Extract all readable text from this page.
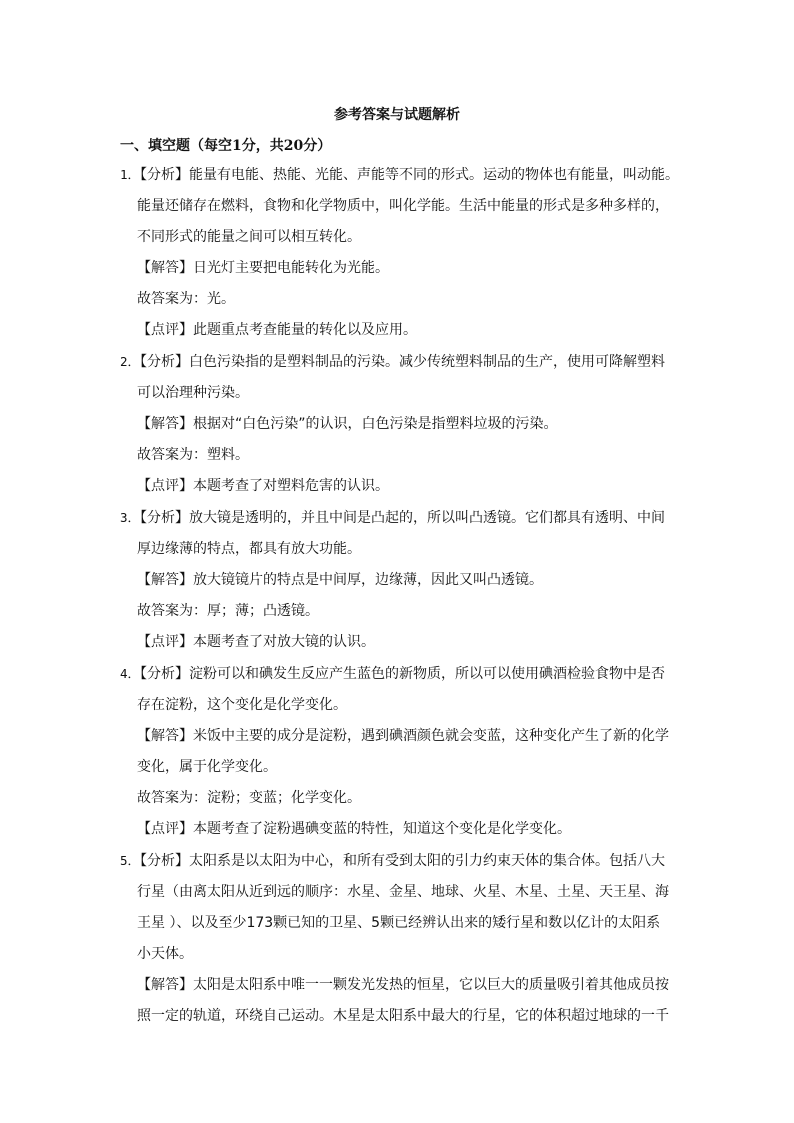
参考答案与试题解析
一、填空题（每空1分，共20分）
1．【分析】能量有电能、热能、光能、声能等不同的形式。运动的物体也有能量，叫动能。
能量还储存在燃料，食物和化学物质中，叫化学能。生活中能量的形式是多种多样的，
不同形式的能量之间可以相互转化。
【解答】日光灯主要把电能转化为光能。
故答案为：光。
【点评】此题重点考查能量的转化以及应用。
2．【分析】白色污染指的是塑料制品的污染。减少传统塑料制品的生产，使用可降解塑料
可以治理种污染。
【解答】根据对“白色污染”的认识，白色污染是指塑料垃圾的污染。
故答案为：塑料。
【点评】本题考查了对塑料危害的认识。
3．【分析】放大镜是透明的，并且中间是凸起的，所以叫凸透镜。它们都具有透明、中间
厚边缘薄的特点，都具有放大功能。
【解答】放大镜镜片的特点是中间厚，边缘薄，因此又叫凸透镜。
故答案为：厚；薄；凸透镜。
【点评】本题考查了对放大镜的认识。
4．【分析】淀粉可以和碘发生反应产生蓝色的新物质，所以可以使用碘酒检验食物中是否
存在淀粉，这个变化是化学变化。
【解答】米饭中主要的成分是淀粉，遇到碘酒颜色就会变蓝，这种变化产生了新的化学
变化，属于化学变化。
故答案为：淀粉；变蓝；化学变化。
【点评】本题考查了淀粉遇碘变蓝的特性，知道这个变化是化学变化。
5．【分析】太阳系是以太阳为中心，和所有受到太阳的引力约束天体的集合体。包括八大
行星（由离太阳从近到远的顺序：水星、金星、地球、火星、木星、土星、天王星、海
王星 ）、以及至少173颗已知的卫星、5颗已经辨认出来的矮行星和数以亿计的太阳系
小天体。
【解答】太阳是太阳系中唯一一颗发光发热的恒星，它以巨大的质量吸引着其他成员按
照一定的轨道，环绕自己运动。木星是太阳系中最大的行星，它的体积超过地球的一千
